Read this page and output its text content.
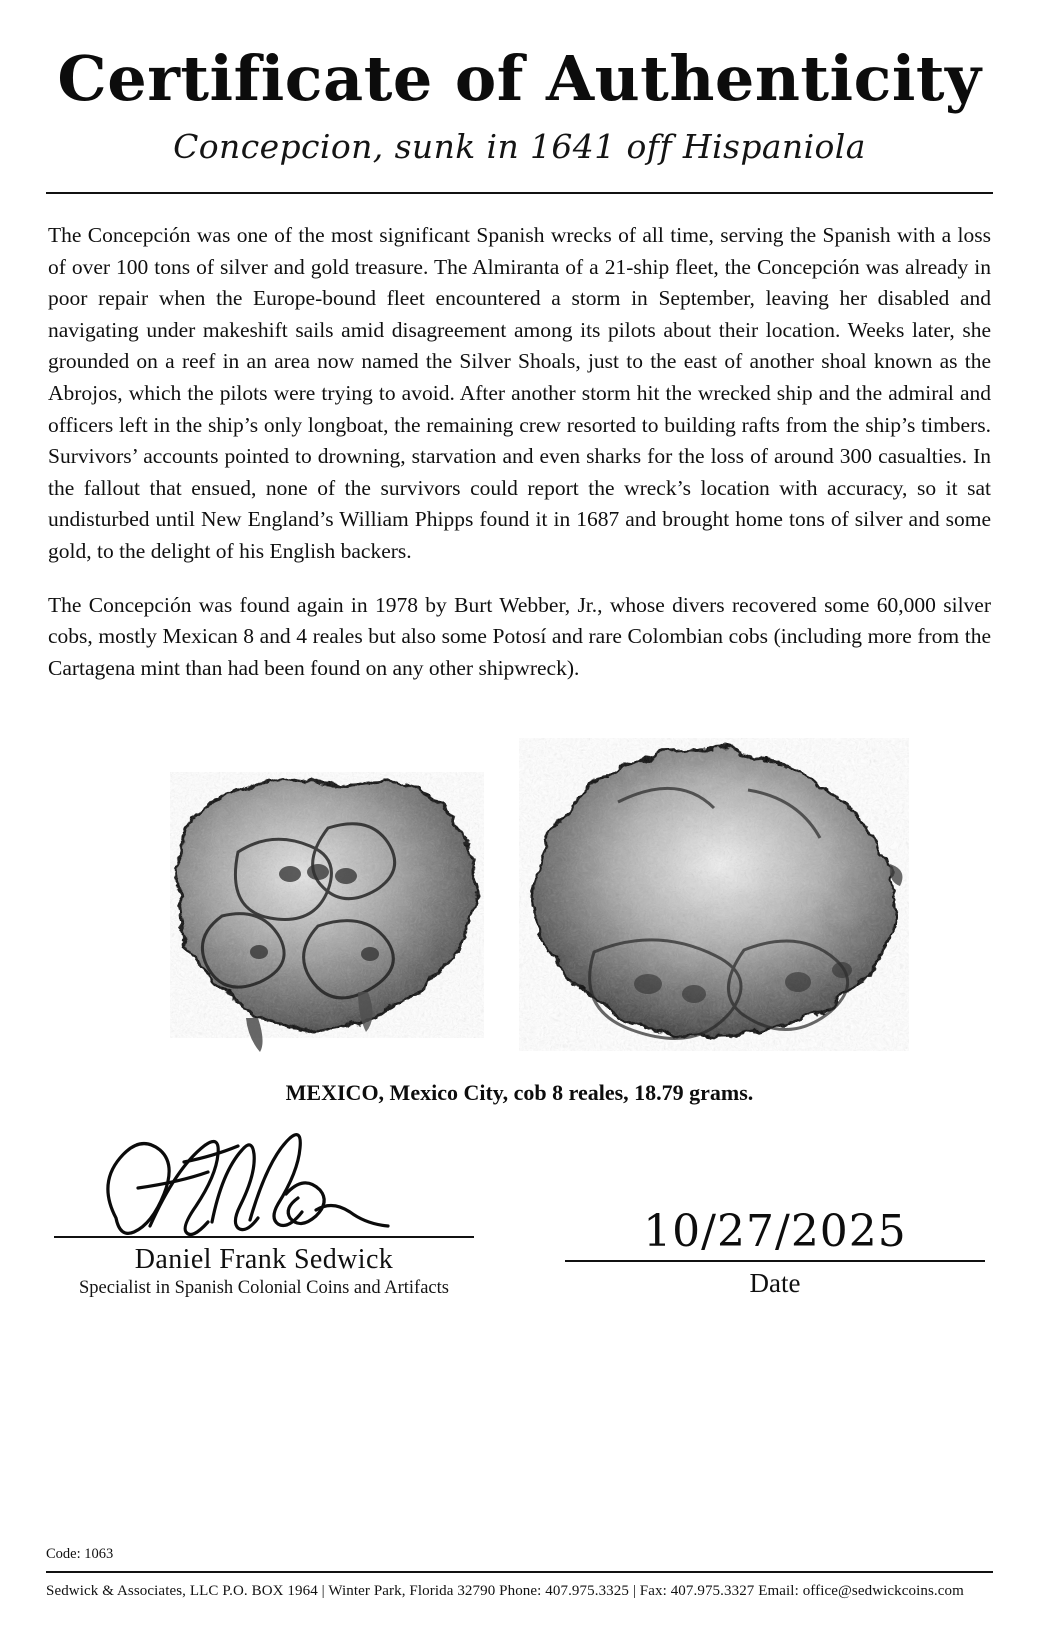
Certificate of Authenticity
Concepcion, sunk in 1641 off Hispaniola

The Concepción was one of the most significant Spanish wrecks of all time, serving the Spanish with a loss of over 100 tons of silver and gold treasure. The Almiranta of a 21-ship fleet, the Concepción was already in poor repair when the Europe-bound fleet encountered a storm in September, leaving her disabled and navigating under makeshift sails amid disagreement among its pilots about their location. Weeks later, she grounded on a reef in an area now named the Silver Shoals, just to the east of another shoal known as the Abrojos, which the pilots were trying to avoid. After another storm hit the wrecked ship and the admiral and officers left in the ship’s only longboat, the remaining crew resorted to building rafts from the ship’s timbers. Survivors’ accounts pointed to drowning, starvation and even sharks for the loss of around 300 casualties. In the fallout that ensued, none of the survivors could report the wreck’s location with accuracy, so it sat undisturbed until New England’s William Phipps found it in 1687 and brought home tons of silver and some gold, to the delight of his English backers.

The Concepción was found again in 1978 by Burt Webber, Jr., whose divers recovered some 60,000 silver cobs, mostly Mexican 8 and 4 reales but also some Potosí and rare Colombian cobs (including more from the Cartagena mint than had been found on any other shipwreck).

MEXICO, Mexico City, cob 8 reales, 18.79 grams.
Daniel Frank Sedwick
Specialist in Spanish Colonial Coins and Artifacts
10/27/2025
Date
Code: 1063
Sedwick & Associates, LLC P.O. BOX 1964 | Winter Park, Florida 32790 Phone: 407.975.3325 | Fax: 407.975.3327 Email: office@sedwickcoins.com
